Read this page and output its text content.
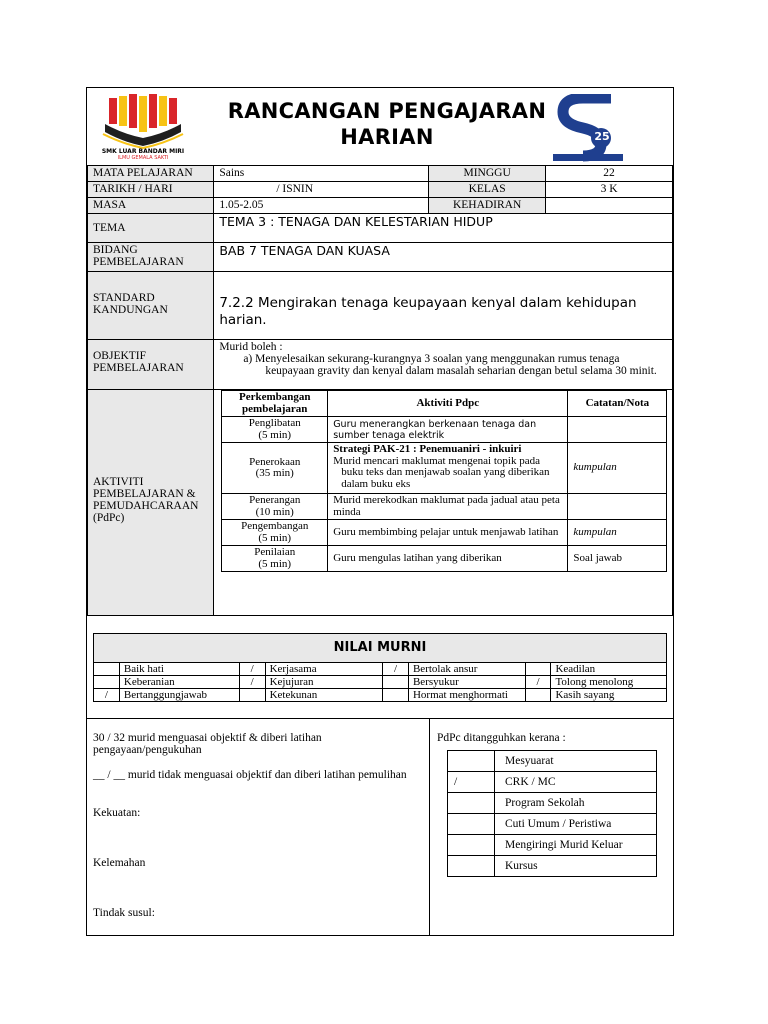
SMK LUAR BANDAR MIRI
ILMU GEMALA SAKTI
RANCANGAN PENGAJARAN HARIAN	25
MATA PELAJARAN	Sains	MINGGU	22
TARIKH / HARI	/ ISNIN	KELAS	3 K
MASA	1.05-2.05	KEHADIRAN	
TEMA	TEMA 3 : TENAGA DAN KELESTARIAN HIDUP

BIDANG
PEMBELAJARAN
	BAB 7 TENAGA DAN KUASA

STANDARD
KANDUNGAN	7.2.2 Mengirakan tenaga keupayaan kenyal dalam kehidupan harian.

OBJEKTIF
PEMBELAJARAN

Murid boleh :
a) Menyelesaikan sekurang-kurangnya 3 soalan yang menggunakan rumus tenaga
keupayaan gravity dan kenyal dalam masalah seharian dengan betul selama 30 minit.

AKTIVITI
PEMBELAJARAN &
PEMUDAHCARAAN
(PdPc)

Perkembangan pembelajaran	Aktiviti Pdpc	Catatan/Nota

Penglibatan
(5 min)
	Guru menerangkan berkenaan tenaga dan sumber tenaga elektrik	

Penerokaan
(35 min)

Strategi PAK-21 : Penemuaniri - inkuiri
Murid mencari maklumat mengenai topik pada buku teks dan menjawab soalan yang diberikan dalam buku eks
	kumpulan

Penerangan
(10 min)
	Murid merekodkan maklumat pada jadual atau peta minda	

Pengembangan
(5 min)	Guru membimbing pelajar untuk menjawab latihan	kumpulan

Penilaian
(5 min)	Guru mengulas latihan yang diberikan	Soal jawab
NILAI MURNI
	Baik hati	/	Kerjasama	/	Bertolak ansur		Keadilan
	Keberanian	/	Kejujuran		Bersyukur	/	Tolong menolong
/	Bertanggungjawab		Ketekunan		Hormat menghormati		Kasih sayang
30 / 32 murid menguasai objektif & diberi latihan pengayaan/pengukuhan
__ / __ murid tidak menguasai objektif dan diberi latihan pemulihan
Kekuatan:
Kelemahan
Tindak susul:
PdPc ditangguhkan kerana :
	Mesyuarat
/	CRK / MC
	Program Sekolah
	Cuti Umum / Peristiwa
	Mengiringi Murid Keluar
	Kursus
